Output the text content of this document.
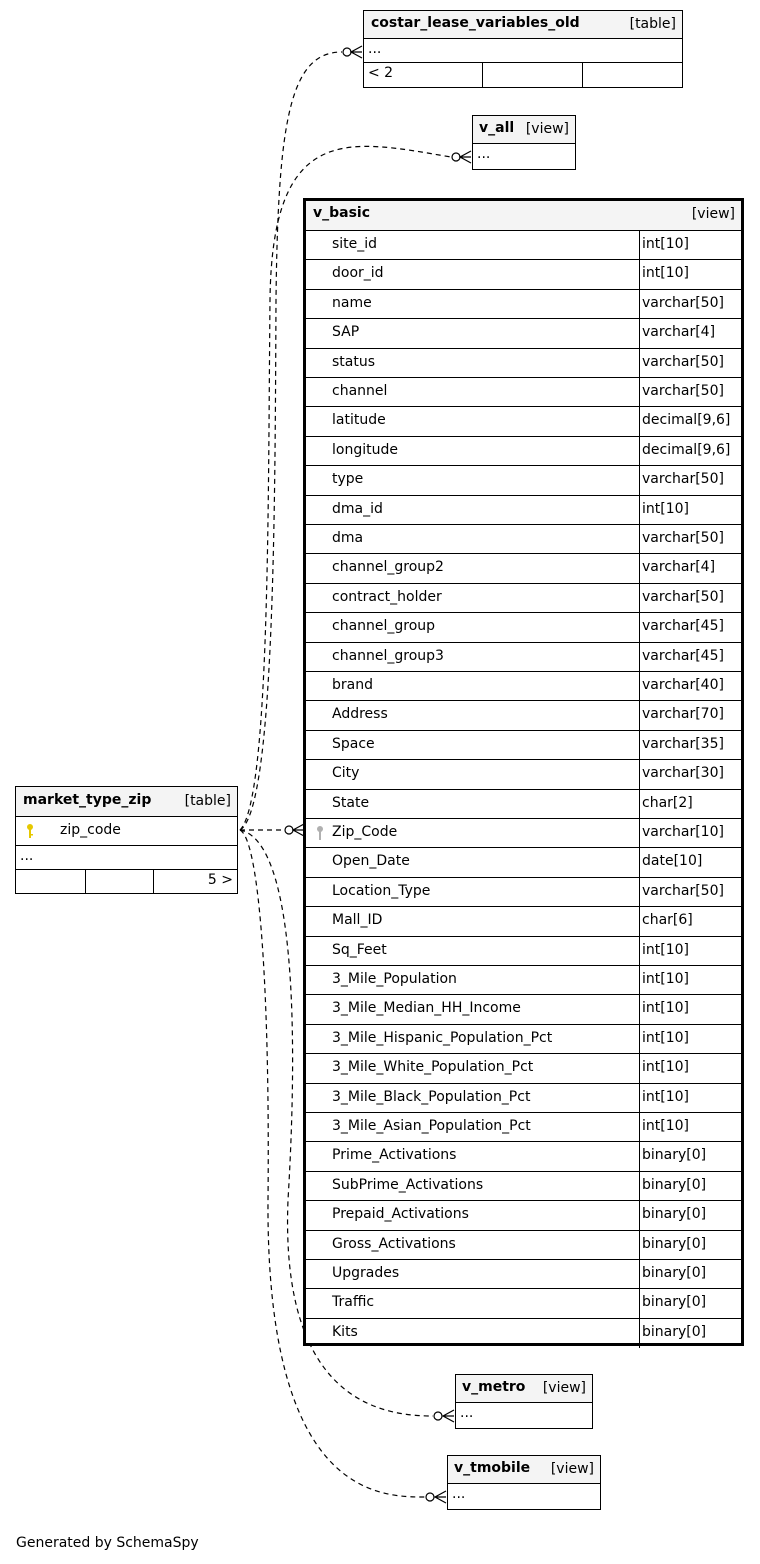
costar_lease_variables_old	[table]
...
< 2
v_all [view]
...
v_basic	[view]
site_id	int[10]
door_id	int[10]
name	varchar[50]
SAP	varchar[4]
status	varchar[50]
channel	varchar[50]
latitude	decimal[9,6]
longitude	decimal[9,6]
type	varchar[50]
dma_id	int[10]
dma	varchar[50]
channel_group2	varchar[4]
contract_holder	varchar[50]
channel_group	varchar[45]
channel_group3	varchar[45]
brand	varchar[40]
Address	varchar[70]
Space	varchar[35]
City	varchar[30]
State	char[2]
Zip_Code	varchar[10]
Open_Date	date[10]
Location_Type	varchar[50]
Mall_ID	char[6]
Sq_Feet	int[10]
3_Mile_Population	int[10]
3_Mile_Median_HH_Income	int[10]
3_Mile_Hispanic_Population_Pct	int[10]
3_Mile_White_Population_Pct	int[10]
3_Mile_Black_Population_Pct	int[10]
3_Mile_Asian_Population_Pct	int[10]
Prime_Activations	binary[0]
SubPrime_Activations	binary[0]
Prepaid_Activations	binary[0]
Gross_Activations	binary[0]
Upgrades	binary[0]
Traffic	binary[0]
Kits	binary[0]
market_type_zip [table]
zip_code
...
5 >
v_metro [view]
...
v_tmobile [view]
...
Generated by SchemaSpy
